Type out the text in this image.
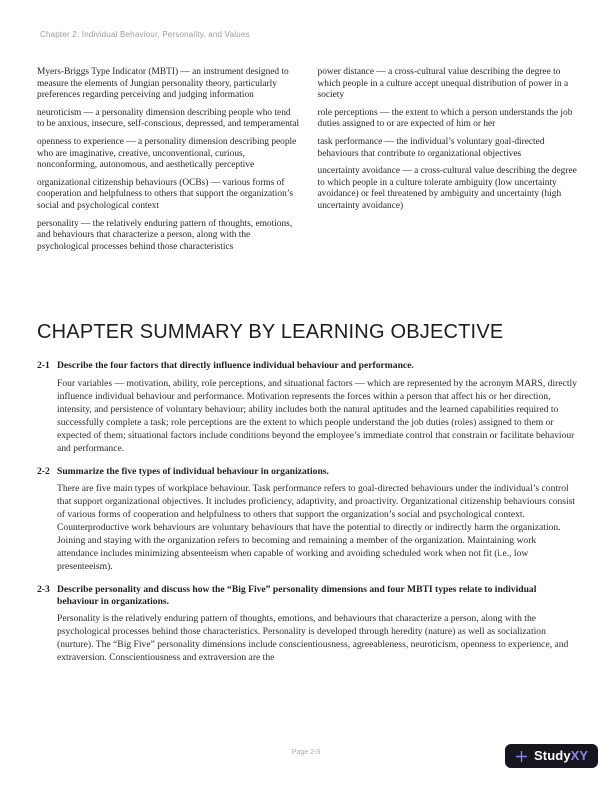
Chapter 2: Individual Behaviour, Personality, and Values

Myers-Briggs Type Indicator (MBTI) — an instrument designed to measure the elements of Jungian personality theory, particularly preferences regarding perceiving and judging information

neuroticism — a personality dimension describing people who tend to be anxious, insecure, self-conscious, depressed, and temperamental

openness to experience — a personality dimension describing people who are imaginative, creative, unconventional, curious, nonconforming, autonomous, and aesthetically perceptive

organizational citizenship behaviours (OCBs) — various forms of cooperation and helpfulness to others that support the organization’s social and psychological context

personality — the relatively enduring pattern of thoughts, emotions, and behaviours that characterize a person, along with the psychological processes behind those characteristics

power distance — a cross-cultural value describing the degree to which people in a culture accept unequal distribution of power in a society

role perceptions — the extent to which a person understands the job duties assigned to or are expected of him or her

task performance — the individual’s voluntary goal-directed behaviours that contribute to organizational objectives

uncertainty avoidance — a cross-cultural value describing the degree to which people in a culture tolerate ambiguity (low uncertainty avoidance) or feel threatened by ambiguity and uncertainty (high uncertainty avoidance)

CHAPTER SUMMARY BY LEARNING OBJECTIVE
2-1 Describe the four factors that directly influence individual behaviour and performance.

Four variables — motivation, ability, role perceptions, and situational factors — which are represented by the acronym MARS, directly influence individual behaviour and performance. Motivation represents the forces within a person that affect his or her direction, intensity, and persistence of voluntary behaviour; ability includes both the natural aptitudes and the learned capabilities required to successfully complete a task; role perceptions are the extent to which people understand the job duties (roles) assigned to them or expected of them; situational factors include conditions beyond the employee’s immediate control that constrain or facilitate behaviour and performance.

2-2 Summarize the five types of individual behaviour in organizations.

There are five main types of workplace behaviour. Task performance refers to goal-directed behaviours under the individual’s control that support organizational objectives. It includes proficiency, adaptivity, and proactivity. Organizational citizenship behaviours consist of various forms of cooperation and helpfulness to others that support the organization’s social and psychological context. Counterproductive work behaviours are voluntary behaviours that have the potential to directly or indirectly harm the organization. Joining and staying with the organization refers to becoming and remaining a member of the organization. Maintaining work attendance includes minimizing absenteeism when capable of working and avoiding scheduled work when not fit (i.e., low presenteeism).

2-3 Describe personality and discuss how the “Big Five” personality dimensions and four MBTI types relate to individual behaviour in organizations.

Personality is the relatively enduring pattern of thoughts, emotions, and behaviours that characterize a person, along with the psychological processes behind those characteristics. Personality is developed through heredity (nature) as well as socialization (nurture). The “Big Five” personality dimensions include conscientiousness, agreeableness, neuroticism, openness to experience, and extraversion. Conscientiousness and extraversion are the

Page 2-3	StudyXY
